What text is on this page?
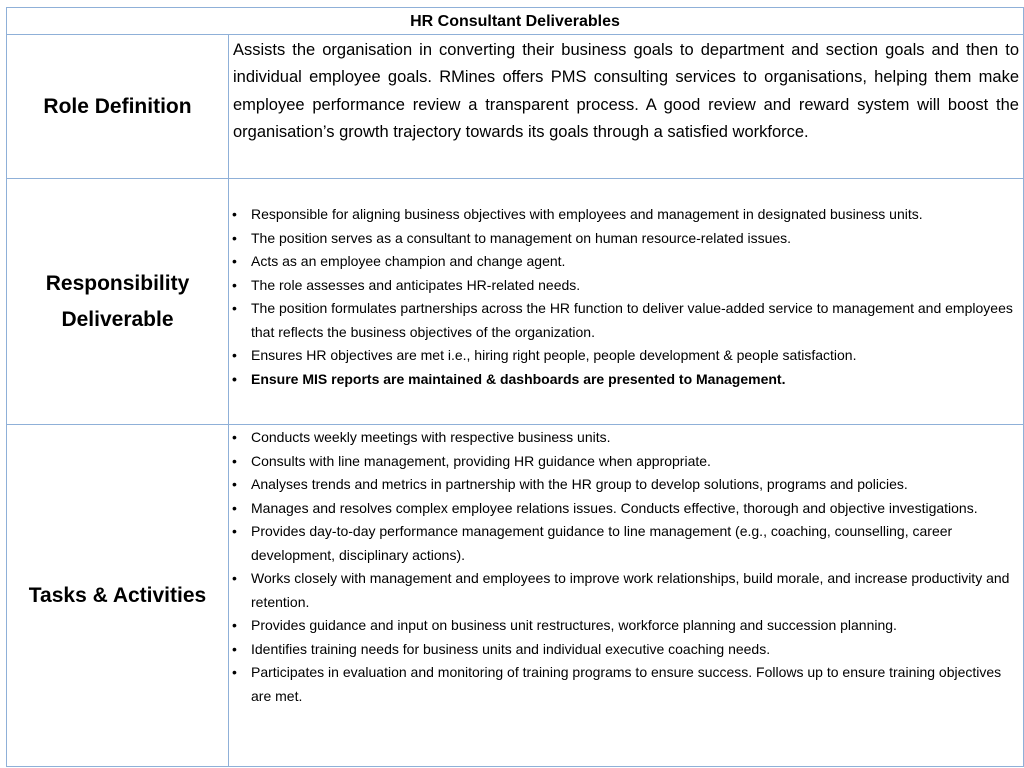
HR Consultant Deliverables
Role Definition

Assists the organisation in converting their business goals to department and section goals and then to individual employee goals. RMines offers PMS consulting services to organisations, helping them make employee performance review a transparent process. A good review and reward system will boost the organisation’s growth trajectory towards its goals through a satisfied workforce.

Responsibility Deliverable
• Responsible for aligning business objectives with employees and management in designated business units.
• The position serves as a consultant to management on human resource-related issues.
• Acts as an employee champion and change agent.
• The role assesses and anticipates HR-related needs.
• The position formulates partnerships across the HR function to deliver value-added service to management and employees that reflects the business objectives of the organization.
• Ensures HR objectives are met i.e., hiring right people, people development & people satisfaction.
• Ensure MIS reports are maintained & dashboards are presented to Management.
Tasks & Activities
• Conducts weekly meetings with respective business units.
• Consults with line management, providing HR guidance when appropriate.
• Analyses trends and metrics in partnership with the HR group to develop solutions, programs and policies.
• Manages and resolves complex employee relations issues. Conducts effective, thorough and objective investigations.
• Provides day-to-day performance management guidance to line management (e.g., coaching, counselling, career development, disciplinary actions).
• Works closely with management and employees to improve work relationships, build morale, and increase productivity and retention.
• Provides guidance and input on business unit restructures, workforce planning and succession planning.
• Identifies training needs for business units and individual executive coaching needs.
• Participates in evaluation and monitoring of training programs to ensure success. Follows up to ensure training objectives are met.
